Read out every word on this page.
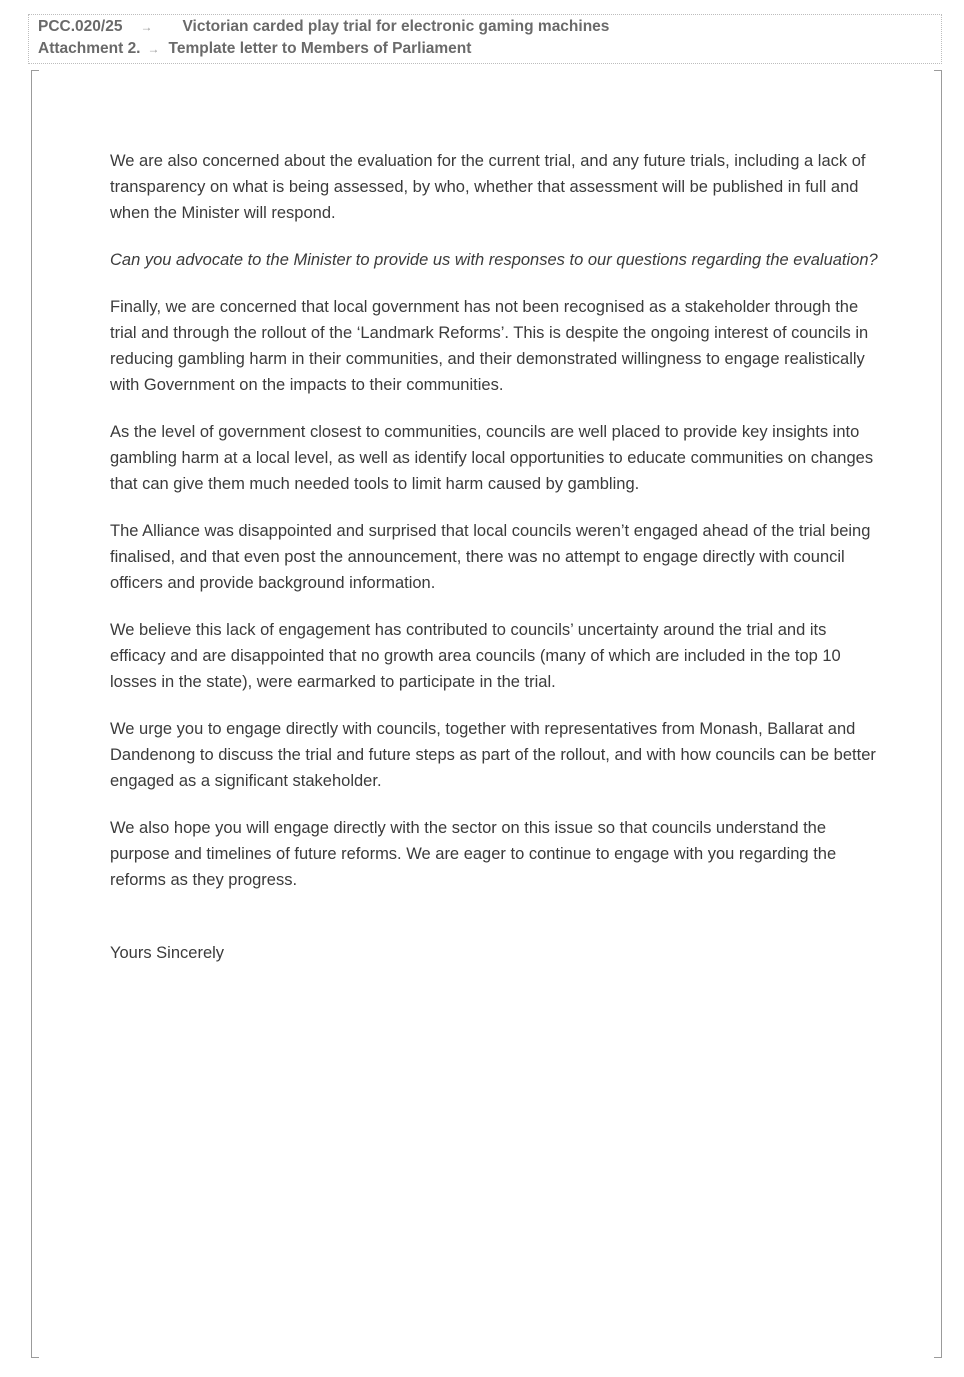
PCC.020/25 → Victorian carded play trial for electronic gaming machines
Attachment 2. → Template letter to Members of Parliament

We are also concerned about the evaluation for the current trial, and any future trials, including a lack of transparency on what is being assessed, by who, whether that assessment will be published in full and when the Minister will respond.

Can you advocate to the Minister to provide us with responses to our questions regarding the evaluation?

Finally, we are concerned that local government has not been recognised as a stakeholder through the trial and through the rollout of the ‘Landmark Reforms’. This is despite the ongoing interest of councils in reducing gambling harm in their communities, and their demonstrated willingness to engage realistically with Government on the impacts to their communities.

As the level of government closest to communities, councils are well placed to provide key insights into gambling harm at a local level, as well as identify local opportunities to educate communities on changes that can give them much needed tools to limit harm caused by gambling.

The Alliance was disappointed and surprised that local councils weren’t engaged ahead of the trial being finalised, and that even post the announcement, there was no attempt to engage directly with council officers and provide background information.

We believe this lack of engagement has contributed to councils’ uncertainty around the trial and its efficacy and are disappointed that no growth area councils (many of which are included in the top 10 losses in the state), were earmarked to participate in the trial.

We urge you to engage directly with councils, together with representatives from Monash, Ballarat and Dandenong to discuss the trial and future steps as part of the rollout, and with how councils can be better engaged as a significant stakeholder.

We also hope you will engage directly with the sector on this issue so that councils understand the purpose and timelines of future reforms. We are eager to continue to engage with you regarding the reforms as they progress.

Yours Sincerely
